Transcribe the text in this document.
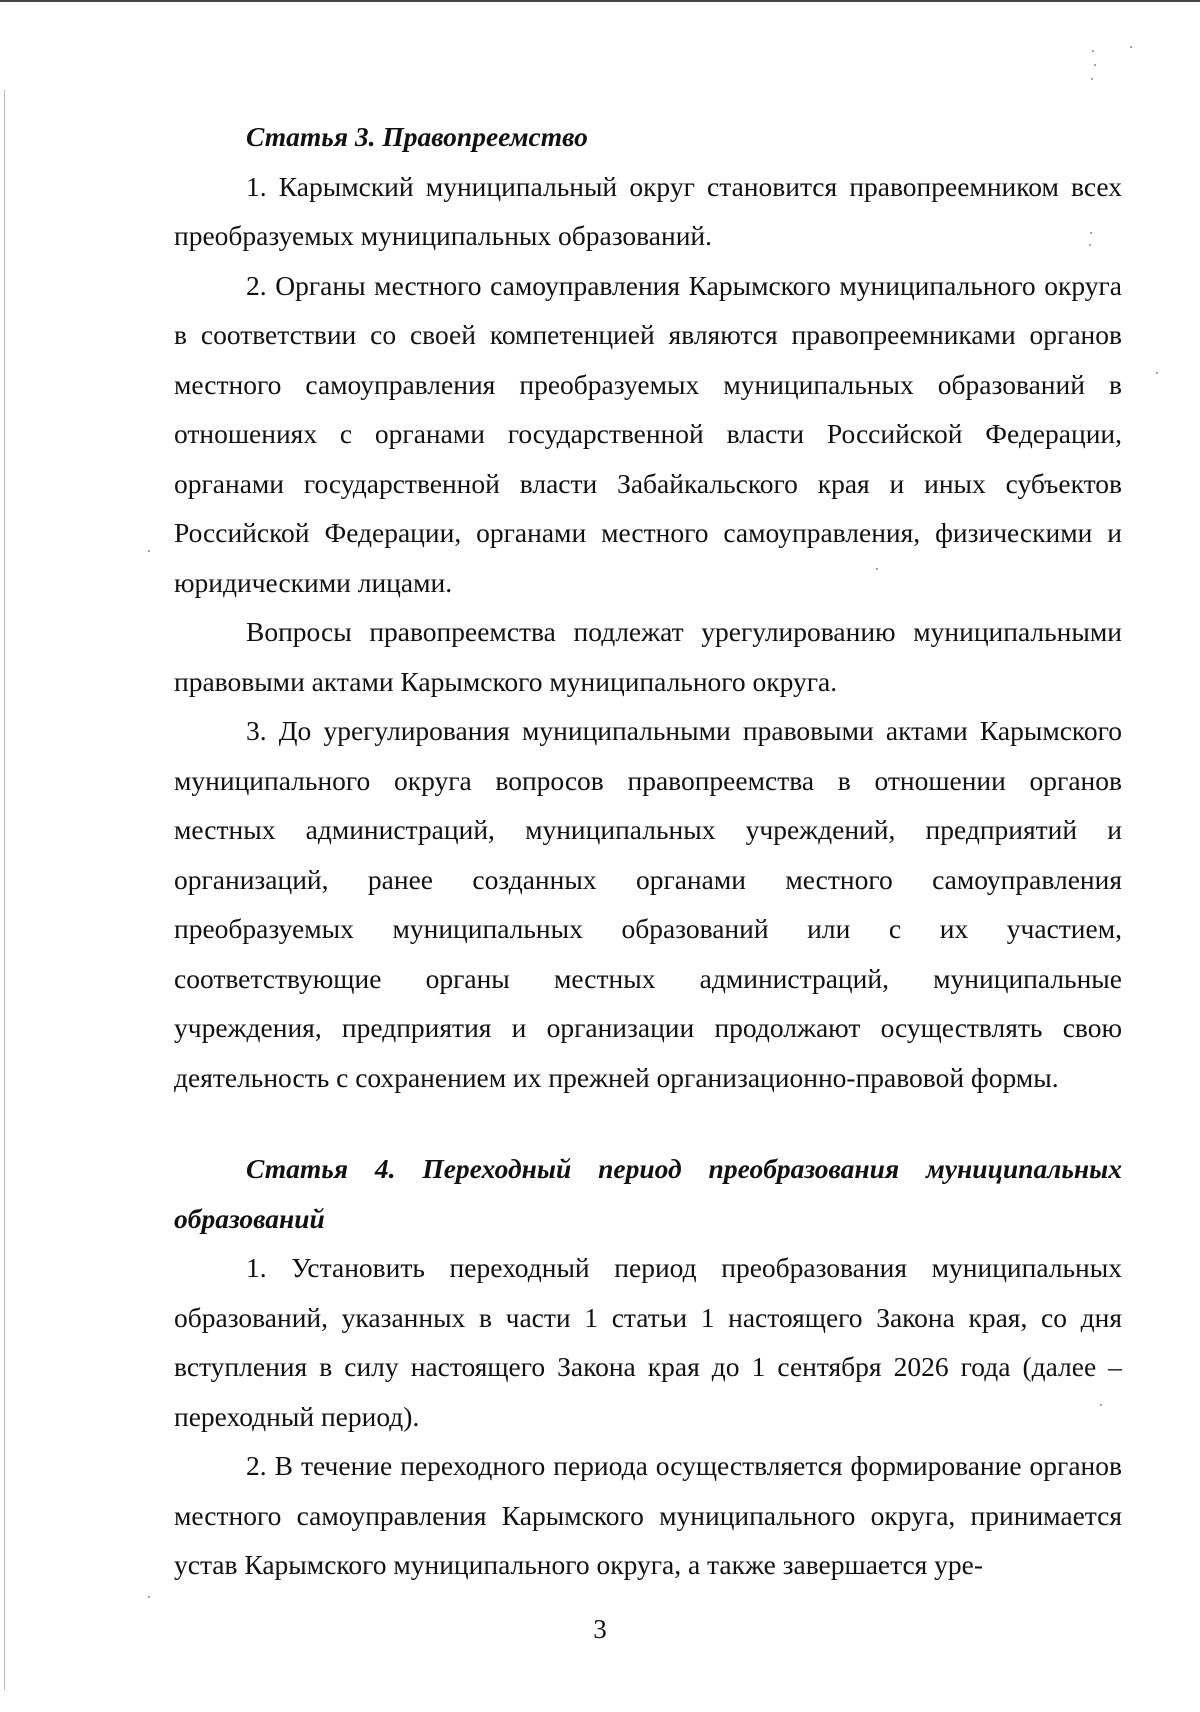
Статья 3. Правопреемство

1. Карымский муниципальный округ становится правопреемником всех преобразуемых муниципальных образований.

2. Органы местного самоуправления Карымского муниципального округа в соответствии со своей компетенцией являются правопреемниками органов местного самоуправления преобразуемых муниципальных образований в отношениях с органами государственной власти Российской Федерации, органами государственной власти Забайкальского края и иных субъектов Российской Федерации, органами местного самоуправления, физическими и юридическими лицами.

Вопросы правопреемства подлежат урегулированию муниципальными правовыми актами Карымского муниципального округа.

3. До урегулирования муниципальными правовыми актами Карымского муниципального округа вопросов правопреемства в отношении органов местных администраций, муниципальных учреждений, предприятий и организаций, ранее созданных органами местного самоуправления преобразуемых муниципальных образований или с их участием, соответствующие органы местных администраций, муниципальные учреждения, предприятия и организации продолжают осуществлять свою деятельность с сохранением их прежней организационно-правовой формы.

Статья 4. Переходный период преобразования муниципальных образований

1. Установить переходный период преобразования муниципальных образований, указанных в части 1 статьи 1 настоящего Закона края, со дня вступления в силу настоящего Закона края до 1 сентября 2026 года (далее – переходный период).

2. В течение переходного периода осуществляется формирование органов местного самоуправления Карымского муниципального округа, принимается устав Карымского муниципального округа, а также завершается уре-

3
